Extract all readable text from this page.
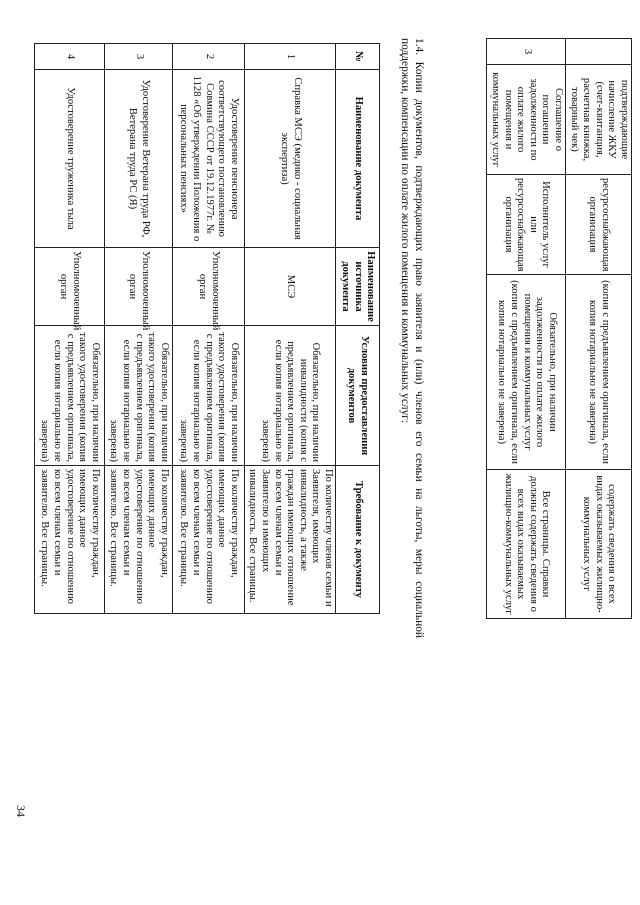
	подтверждающие начисление ЖКУ (счет-квитанция, расчетная книжка, товарный чек)	ресурсоснабжающая организация	(копия с предъявлением оригинала, если копия нотариально не заверена)	содержать сведения о всех видах оказываемых жилищно-коммунальных услуг
3	Соглашение о погашении задолженности по оплате жилого помещения и коммунальных услуг	Исполнитель услуг или ресурсоснабжающая организация	Обязательно, при наличии задолженности по оплате жилого помещения и коммунальных услуг (копия с предъявлением оригинала, если копия нотариально не заверена)	Все страницы. Справки должны содержать сведения о всех видах оказываемых жилищно-коммунальных услуг
1.4. Копии документов, подтверждающих право заявителя и (или) членов его семьи на льготы, меры социальной поддержки, компенсации по оплате жилого помещения и коммунальных услуг:
№	Наименование документа	Наименование источника документа	Условия предоставления документов	Требование к документу
1	Справка МСЭ (медико - социальная экспертиза)	МСЭ	Обязательно, при наличии инвалидности (копия с предъявлением оригинала, если копия нотариально не заверена)	По количеству членов семьи и Заявителя, имеющих инвалидность, а также граждан имеющих отношение ко всем членам семьи и Заявителю и имеющих инвалидность. Все страницы.
2	Удостоверение пенсионера соответствующего постановлению Совмина СССР от 19.12.1977г. № 1128 «Об утверждении Положения о персональных пенсиях»	Уполномоченный орган	Обязательно, при наличии такого удостоверения (копия с предъявлением оригинала, если копия нотариально не заверена)	По количеству граждан, имеющих данное удостоверение по отношению ко всем членам семьи и заявителю. Все страницы.
3	Удостоверение Ветерана труда РФ, Ветерана труда РС (Я)	Уполномоченный орган	Обязательно, при наличии такого удостоверения (копия с предъявлением оригинала, если копия нотариально не заверена)	По количеству граждан, имеющих данное удостоверение по отношению ко всем членам семьи и заявителю. Все страницы.
4	Удостоверение труженика тыла	Уполномоченный орган	Обязательно, при наличии такого удостоверения (копия с предъявлением оригинала, если копия нотариально не заверена)	По количеству граждан, имеющих данное удостоверение по отношению ко всем членам семьи и заявителю. Все страницы.
34
